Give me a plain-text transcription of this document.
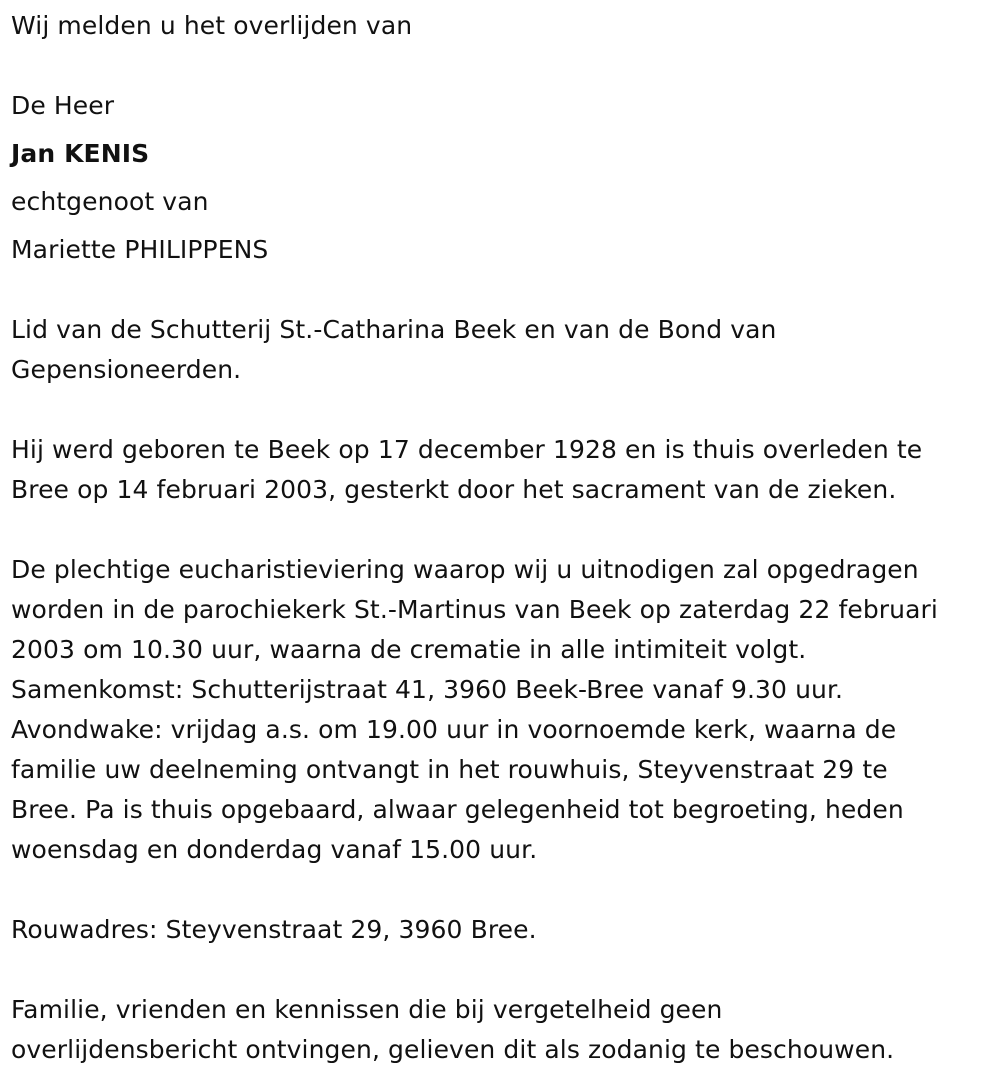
Wij melden u het overlijden van
De Heer
Jan KENIS
echtgenoot van
Mariette PHILIPPENS
Lid van de Schutterij St.-Catharina Beek en van de Bond van
Gepensioneerden.
Hij werd geboren te Beek op 17 december 1928 en is thuis overleden te
Bree op 14 februari 2003, gesterkt door het sacrament van de zieken.
De plechtige eucharistieviering waarop wij u uitnodigen zal opgedragen
worden in de parochiekerk St.-Martinus van Beek op zaterdag 22 februari
2003 om 10.30 uur, waarna de crematie in alle intimiteit volgt.
Samenkomst: Schutterijstraat 41, 3960 Beek-Bree vanaf 9.30 uur.
Avondwake: vrijdag a.s. om 19.00 uur in voornoemde kerk, waarna de
familie uw deelneming ontvangt in het rouwhuis, Steyvenstraat 29 te
Bree. Pa is thuis opgebaard, alwaar gelegenheid tot begroeting, heden
woensdag en donderdag vanaf 15.00 uur.
Rouwadres: Steyvenstraat 29, 3960 Bree.
Familie, vrienden en kennissen die bij vergetelheid geen
overlijdensbericht ontvingen, gelieven dit als zodanig te beschouwen.
